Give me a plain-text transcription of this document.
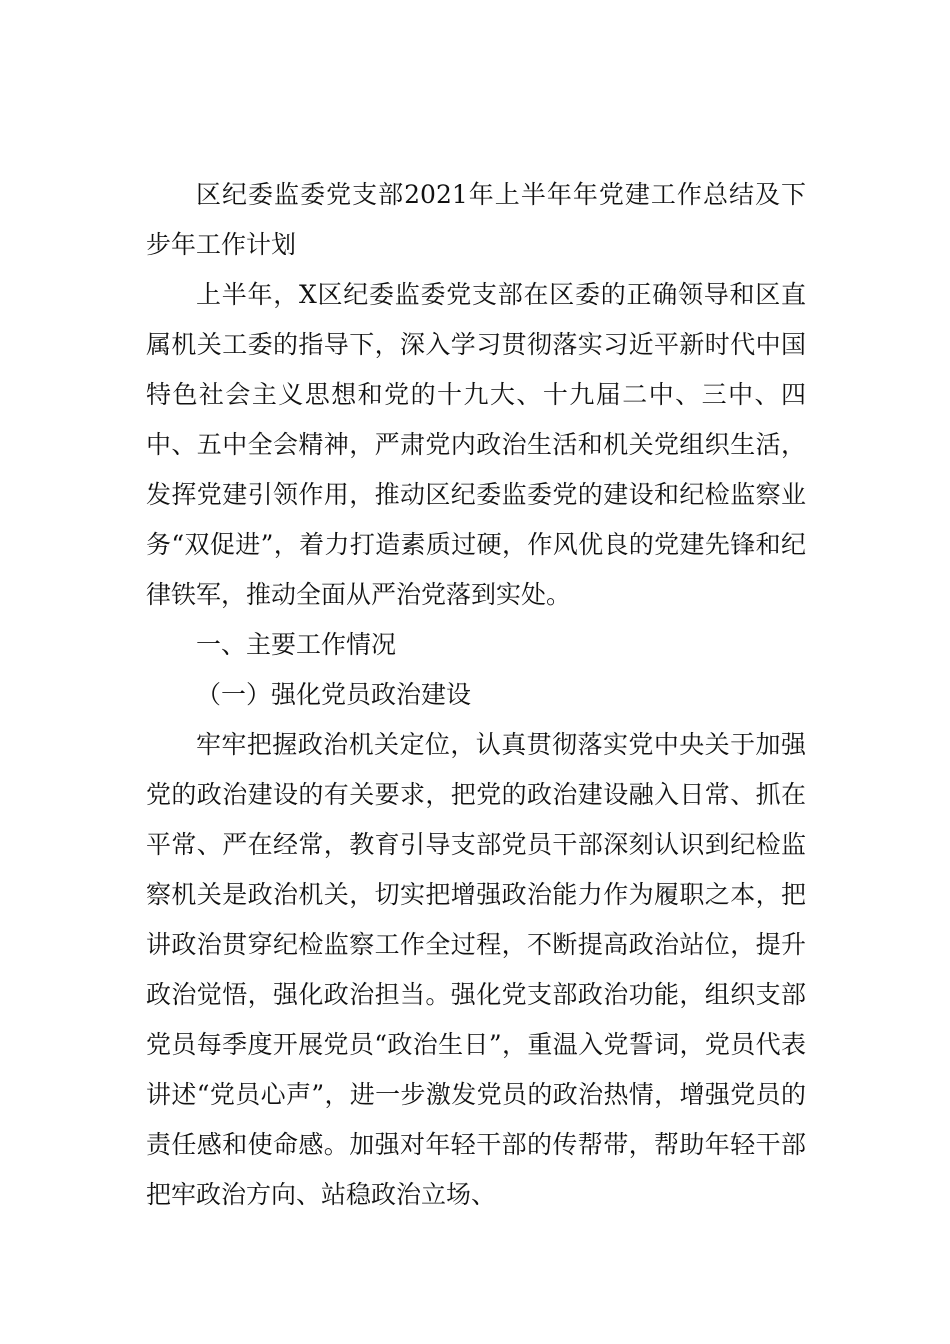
区纪委监委党支部2021年上半年年党建工作总结及下步年工作计划

上半年，X区纪委监委党支部在区委的正确领导和区直属机关工委的指导下，深入学习贯彻落实习近平新时代中国特色社会主义思想和党的十九大、十九届二中、三中、四中、五中全会精神，严肃党内政治生活和机关党组织生活，发挥党建引领作用，推动区纪委监委党的建设和纪检监察业务“双促进”，着力打造素质过硬，作风优良的党建先锋和纪律铁军，推动全面从严治党落到实处。

一、主要工作情况

（一）强化党员政治建设

牢牢把握政治机关定位，认真贯彻落实党中央关于加强党的政治建设的有关要求，把党的政治建设融入日常、抓在平常、严在经常，教育引导支部党员干部深刻认识到纪检监察机关是政治机关，切实把增强政治能力作为履职之本，把讲政治贯穿纪检监察工作全过程，不断提高政治站位，提升政治觉悟，强化政治担当。强化党支部政治功能，组织支部党员每季度开展党员“政治生日”，重温入党誓词，党员代表讲述“党员心声”，进一步激发党员的政治热情，增强党员的责任感和使命感。加强对年轻干部的传帮带，帮助年轻干部把牢政治方向、站稳政治立场、
